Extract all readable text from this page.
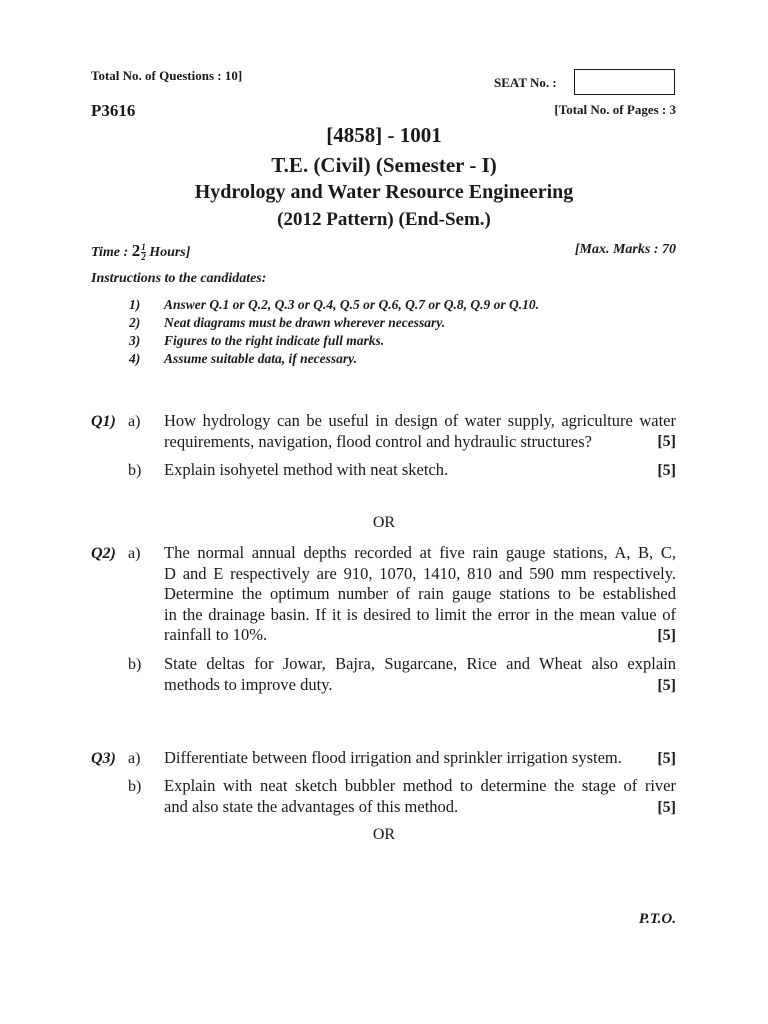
Total No. of Questions : 10]	SEAT No. :
P3616	[Total No. of Pages : 3
[4858] - 1001
T.E. (Civil) (Semester - I)
Hydrology and Water Resource Engineering
(2012 Pattern) (End-Sem.)
Time : $2 \frac{1}{2}$ Hours]	[Max. Marks : 70
Instructions to the candidates:
1) Answer Q.1 or Q.2, Q.3 or Q.4, Q.5 or Q.6, Q.7 or Q.8, Q.9 or Q.10.
2) Neat diagrams must be drawn wherever necessary.
3) Figures to the right indicate full marks.
4) Assume suitable data, if necessary.
Q1) a) How hydrology can be useful in design of water supply, agriculture water
requirements, navigation, flood control and hydraulic structures?	[5]
b) Explain isohyetel method with neat sketch.	[5]
OR
Q2) a) The normal annual depths recorded at five rain gauge stations, A, B, C,
D and E respectively are 910, 1070, 1410, 810 and 590 mm respectively.
Determine the optimum number of rain gauge stations to be established
in the drainage basin. If it is desired to limit the error in the mean value of
rainfall to 10%.	[5]
b) State deltas for Jowar, Bajra, Sugarcane, Rice and Wheat also explain
methods to improve duty.	[5]
Q3) a) Differentiate between flood irrigation and sprinkler irrigation system.	[5]
b) Explain with neat sketch bubbler method to determine the stage of river
and also state the advantages of this method.	[5]
OR
P.T.O.
